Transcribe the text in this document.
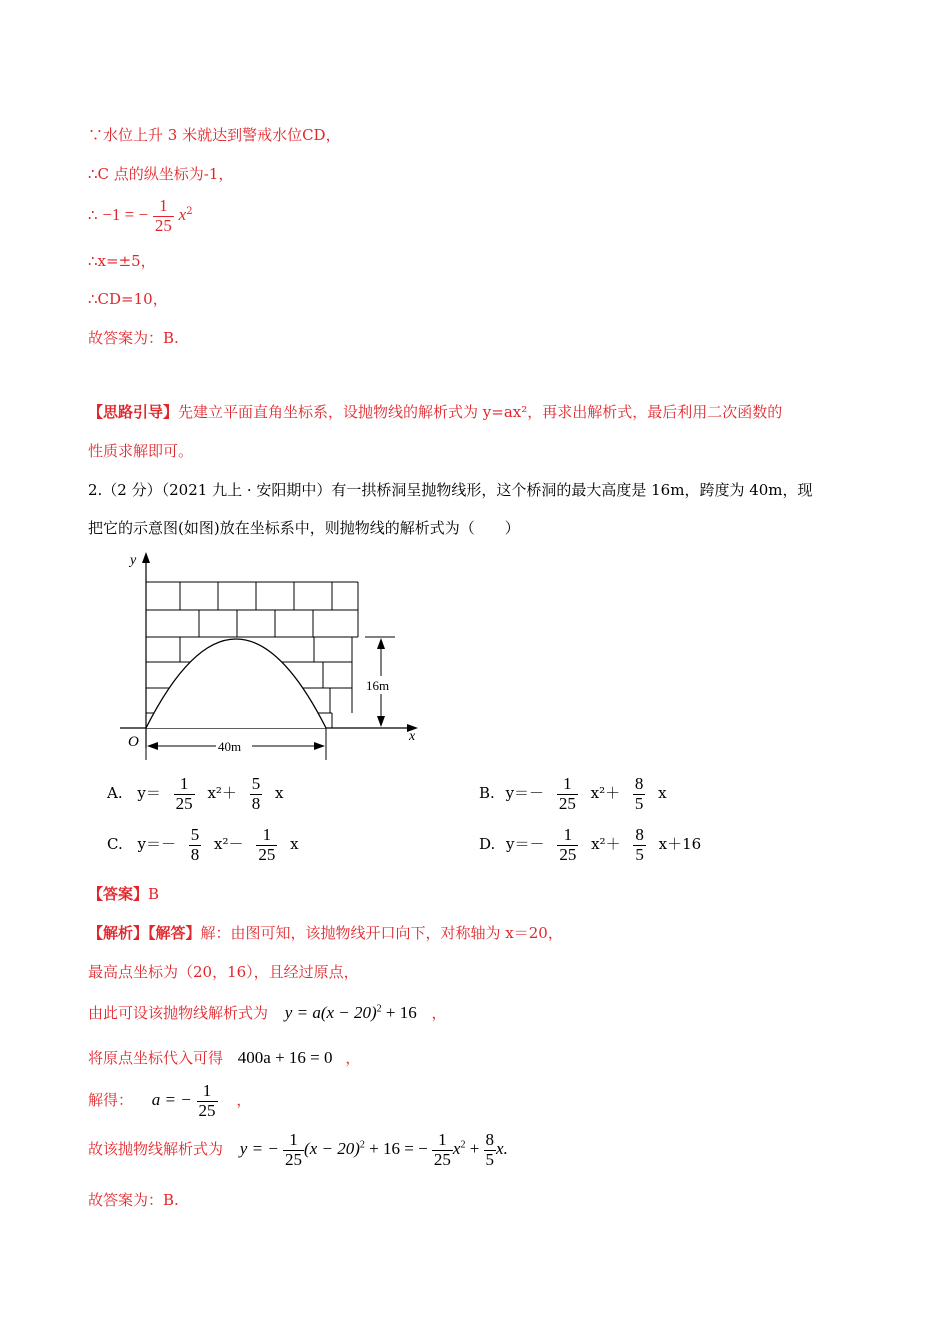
∵水位上升 3 米就达到警戒水位CD，
∴C 点的纵坐标为-1，
∴ −1 = − $\frac{1}{25} x^2$
∴x=±5，
∴CD=10，
故答案为：B.
【思路引导】先建立平面直角坐标系，设抛物线的解析式为 y=ax²，再求出解析式，最后利用二次函数的
性质求解即可。
2.（2 分）（2021 九上 · 安阳期中）有一拱桥洞呈抛物线形，这个桥洞的最大高度是 16m，跨度为 40m，现
把它的示意图(如图)放在坐标系中，则抛物线的解析式为（　　）
y
x
O
16m
40m
A. $y= \frac{1}{25} x^2+ \frac{5}{8}$ x	B. $y=- \frac{1}{25} x^2+ \frac{8}{5}$ x
C. $y=- \frac{5}{8} x^2- \frac{1}{25}$ x	D. $y=- \frac{1}{25} x^2+ \frac{8}{5} x+16$
【答案】B
【解析】【解答】解：由图可知，该抛物线开口向下，对称轴为 x＝20，
最高点坐标为（20，16），且经过原点，
由此可设该抛物线解析式为 $y = a(x - 20)^2 + 16$ ，
将原点坐标代入可得 400a + 16 = 0 ，
解得： a = − $\frac{1}{25}$ ，
故该抛物线解析式为 y = − $\frac{1}{25} (x - 20)^2 + 16$ = − $\frac{1}{25} x^2 + \frac{8}{5} x$.
故答案为：B.
